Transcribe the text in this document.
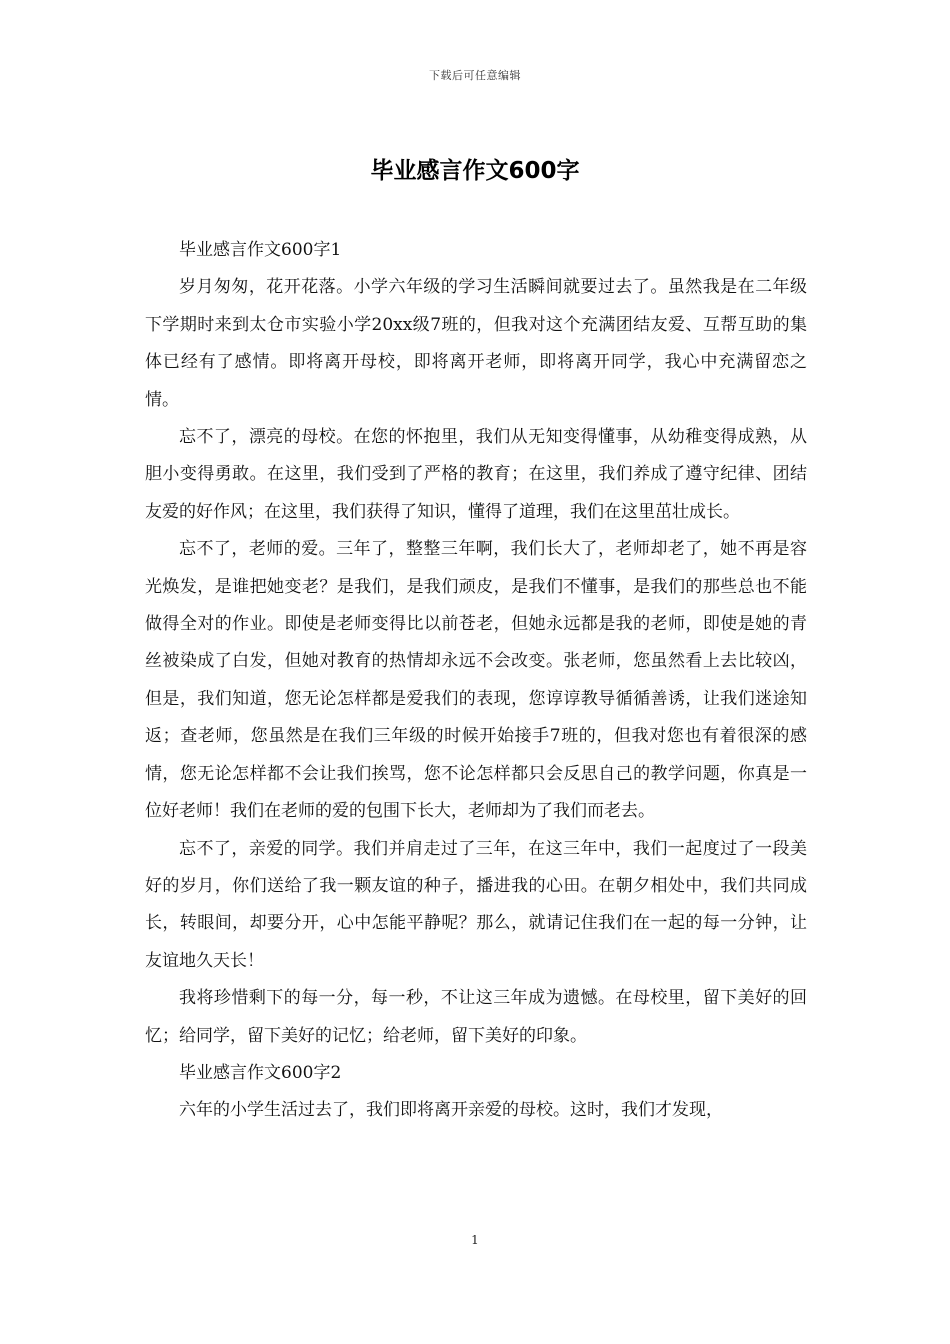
下载后可任意编辑
毕业感言作文600字

毕业感言作文600字1

岁月匆匆，花开花落。小学六年级的学习生活瞬间就要过去了。虽然我是在二年级下学期时来到太仓市实验小学20xx级7班的，但我对这个充满团结友爱、互帮互助的集体已经有了感情。即将离开母校，即将离开老师，即将离开同学，我心中充满留恋之情。

忘不了，漂亮的母校。在您的怀抱里，我们从无知变得懂事，从幼稚变得成熟，从胆小变得勇敢。在这里，我们受到了严格的教育；在这里，我们养成了遵守纪律、团结友爱的好作风；在这里，我们获得了知识，懂得了道理，我们在这里茁壮成长。

忘不了，老师的爱。三年了，整整三年啊，我们长大了，老师却老了，她不再是容光焕发，是谁把她变老？是我们，是我们顽皮，是我们不懂事，是我们的那些总也不能做得全对的作业。即使是老师变得比以前苍老，但她永远都是我的老师，即使是她的青丝被染成了白发，但她对教育的热情却永远不会改变。张老师，您虽然看上去比较凶，但是，我们知道，您无论怎样都是爱我们的表现，您谆谆教导循循善诱，让我们迷途知返；查老师，您虽然是在我们三年级的时候开始接手7班的，但我对您也有着很深的感情，您无论怎样都不会让我们挨骂，您不论怎样都只会反思自己的教学问题，你真是一位好老师！我们在老师的爱的包围下长大，老师却为了我们而老去。

忘不了，亲爱的同学。我们并肩走过了三年，在这三年中，我们一起度过了一段美好的岁月，你们送给了我一颗友谊的种子，播进我的心田。在朝夕相处中，我们共同成长，转眼间，却要分开，心中怎能平静呢？那么，就请记住我们在一起的每一分钟，让友谊地久天长！

我将珍惜剩下的每一分，每一秒，不让这三年成为遗憾。在母校里，留下美好的回忆；给同学，留下美好的记忆；给老师，留下美好的印象。

毕业感言作文600字2

六年的小学生活过去了，我们即将离开亲爱的母校。这时，我们才发现，

1
